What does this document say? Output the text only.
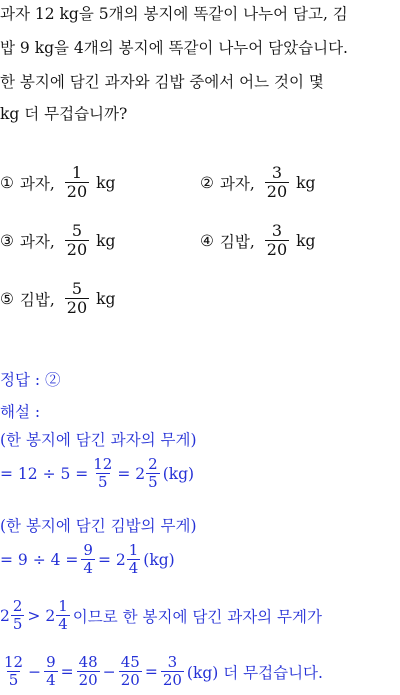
과자 12 kg을 5개의 봉지에 똑같이 나누어 담고, 김
밥 9 kg을 4개의 봉지에 똑같이 나누어 담았습니다.
한 봉지에 담긴 과자와 김밥 중에서 어느 것이 몇
kg 더 무겁습니까?
① 과자, $\frac{1}{20}$ kg	② 과자, $\frac{3}{20}$ kg
③ 과자, $\frac{5}{20}$ kg	④ 김밥, $\frac{3}{20}$ kg
⑤ 김밥, $\frac{5}{20}$ kg
정답 : ②
해설 :
(한 봉지에 담긴 과자의 무게)
= $12 \div 5 = \frac{12}{5} = 2 \frac{2}{5} (kg)$
(한 봉지에 담긴 김밥의 무게)
= $9 \div 4 = \frac{9}{4} = 2 \frac{1}{4} (kg)$
$2 \frac{2}{5} > 2 \frac{1}{4}$ 이므로 한 봉지에 담긴 과자의 무게가
$\frac{12}{5} - \frac{9}{4} = \frac{48}{20} - \frac{45}{20} = \frac{3}{20} (kg)$ 더 무겁습니다.
